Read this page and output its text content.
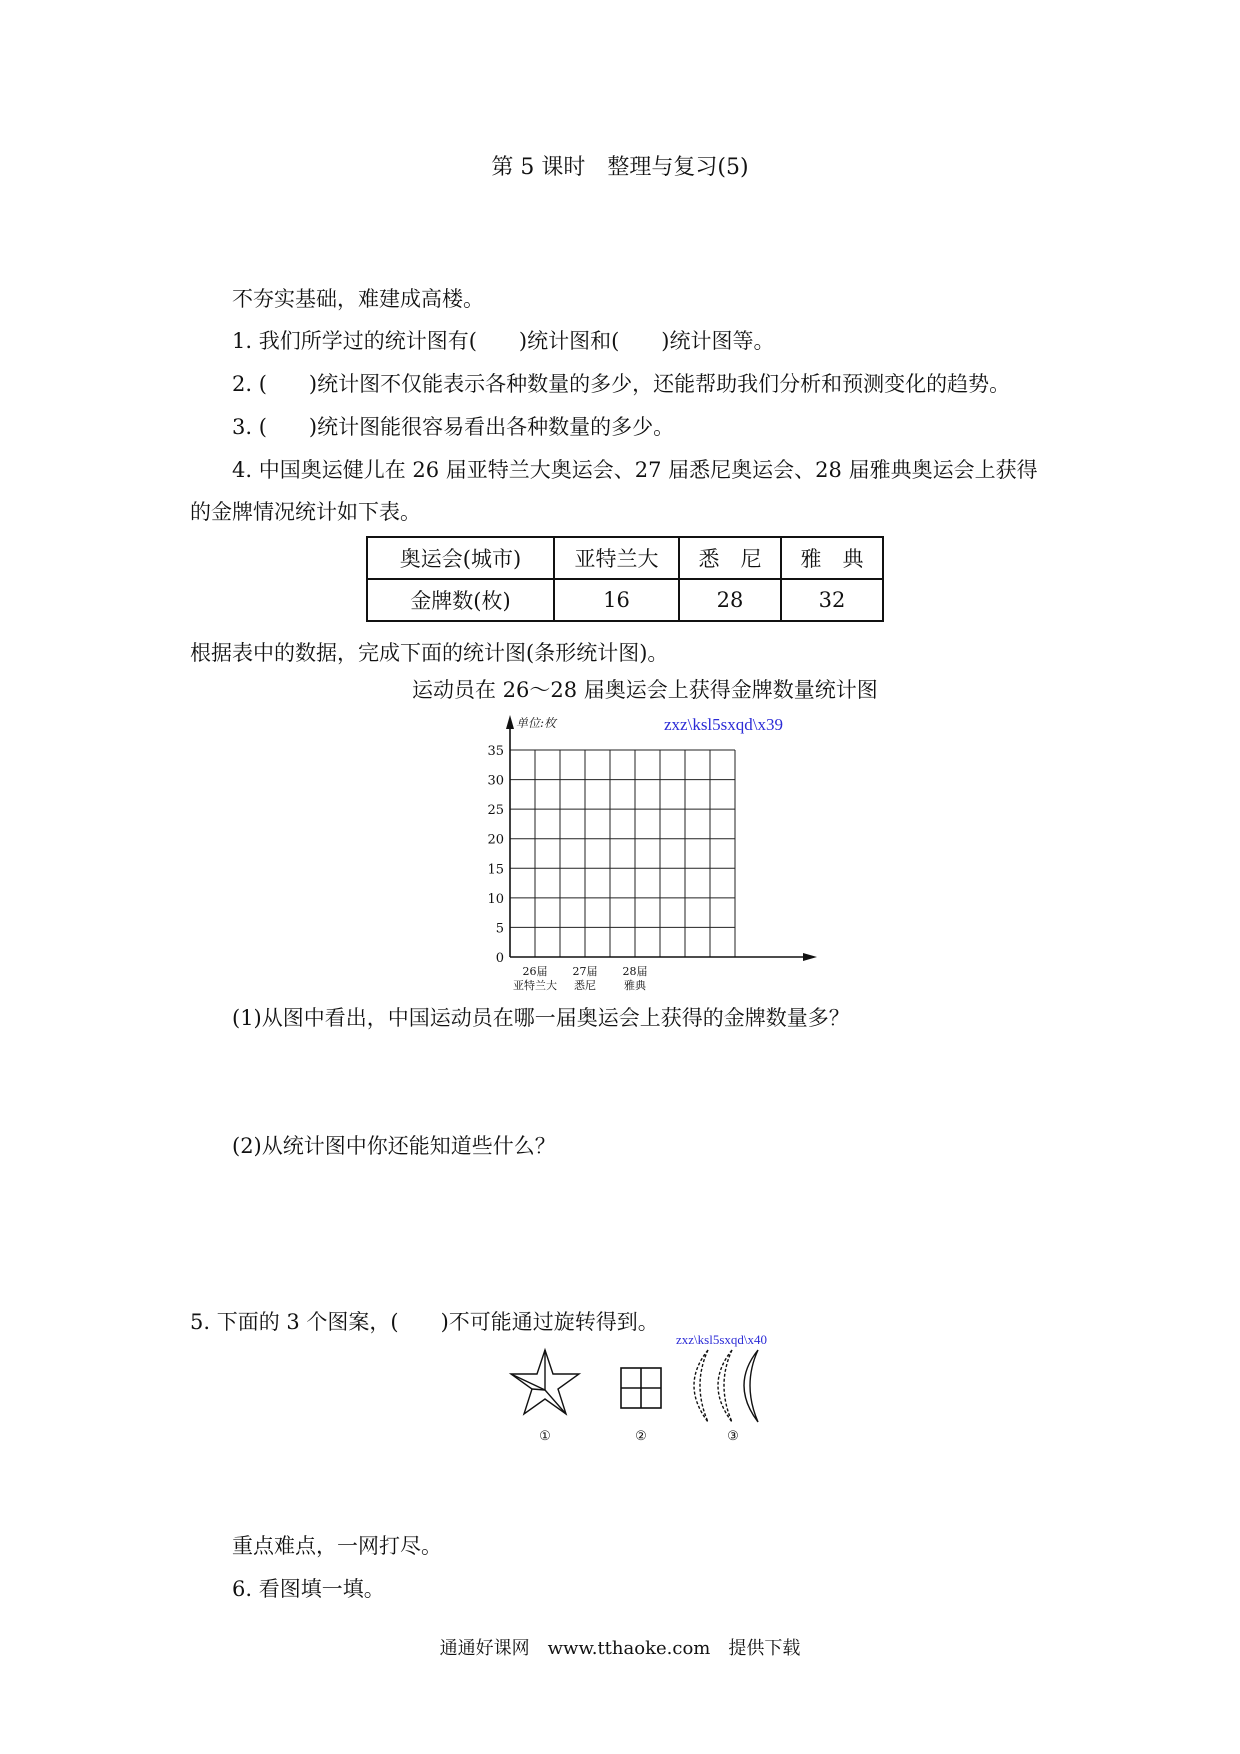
第 5 课时　整理与复习(5)
不夯实基础，难建成高楼。
1. 我们所学过的统计图有(　　)统计图和(　　)统计图等。
2. (　　)统计图不仅能表示各种数量的多少，还能帮助我们分析和预测变化的趋势。
3. (　　)统计图能很容易看出各种数量的多少。
4. 中国奥运健儿在 26 届亚特兰大奥运会、27 届悉尼奥运会、28 届雅典奥运会上获得
的金牌情况统计如下表。
奥运会(城市)	亚特兰大	悉　尼	雅　典
金牌数(枚)	16	28	32
根据表中的数据，完成下面的统计图(条形统计图)。
运动员在 26～28 届奥运会上获得金牌数量统计图
单位:枚	zxz\ksl5sxqd\x39
0
5
10
15
20
25
30
35
26届
亚特兰大
27届
悉尼
28届
雅典
(1)从图中看出，中国运动员在哪一届奥运会上获得的金牌数量多？
(2)从统计图中你还能知道些什么？
5. 下面的 3 个图案，(　　)不可能通过旋转得到。
zxz\ksl5sxqd\x40
①	②	③
重点难点，一网打尽。
6. 看图填一填。
通通好课网　www.tthaoke.com　提供下载
